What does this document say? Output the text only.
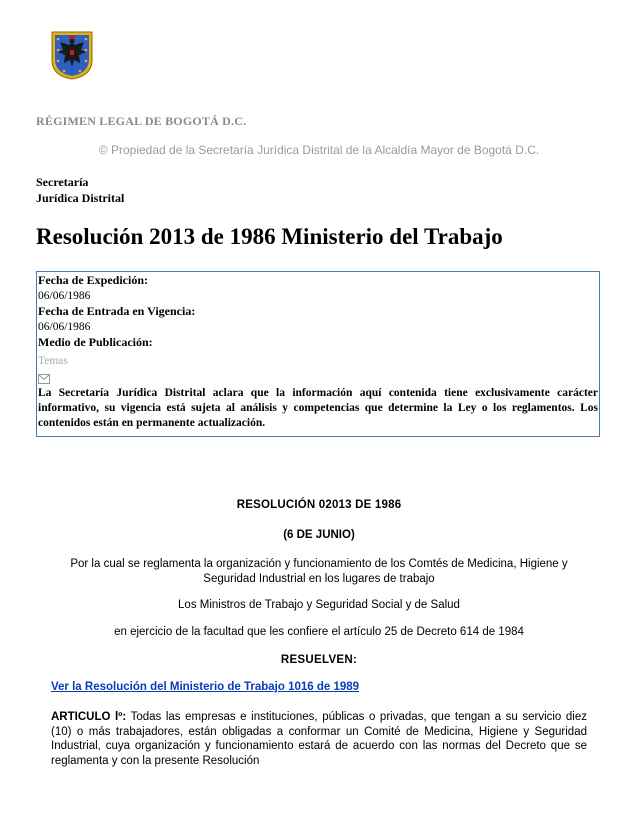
RÉGIMEN LEGAL DE BOGOTÁ D.C.
© Propiedad de la Secretaría Jurídica Distrital de la Alcaldía Mayor de Bogotá D.C.
Secretaría
Jurídica Distrital
Resolución 2013 de 1986 Ministerio del Trabajo
Fecha de Expedición:
06/06/1986
Fecha de Entrada en Vigencia:
06/06/1986
Medio de Publicación:
Temas
La Secretaría Jurídica Distrital aclara que la información aquí contenida tiene exclusivamente carácter informativo, su vigencia está sujeta al análisis y competencias que determine la Ley o los reglamentos. Los contenidos están en permanente actualización.
RESOLUCIÓN 02013 DE 1986
(6 DE JUNIO)
Por la cual se reglamenta la organización y funcionamiento de los Comtés de Medicina, Higiene y Seguridad Industrial en los lugares de trabajo
Los Ministros de Trabajo y Seguridad Social y de Salud
en ejercicio de la facultad que les confiere el artículo 25 de Decreto 614 de 1984
RESUELVEN:
Ver la Resolución del Ministerio de Trabajo 1016 de 1989
ARTICULO lº: Todas las empresas e instituciones, públicas o privadas, que tengan a su servicio diez (10) o más trabajadores, están obligadas a conformar un Comité de Medicina, Higiene y Seguridad Industrial, cuya organización y funcionamiento estará de acuerdo con las normas del Decreto que se reglamenta y con la presente Resolución
